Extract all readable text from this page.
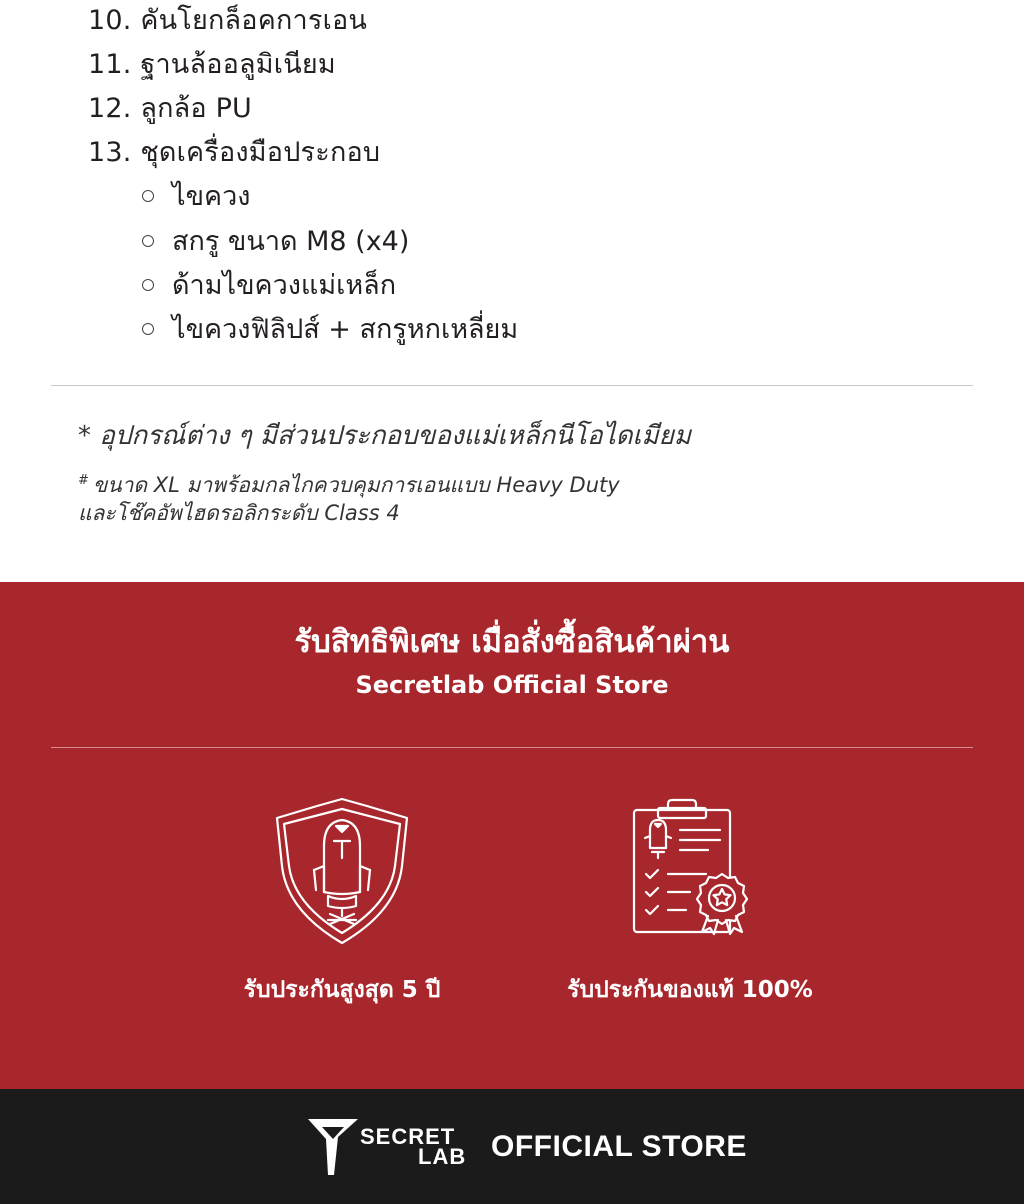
10. คันโยกล็อคการเอน
11. ฐานล้ออลูมิเนียม
12. ลูกล้อ PU
13. ชุดเครื่องมือประกอบ
ไขควง
สกรู ขนาด M8 (x4)
ด้ามไขควงแม่เหล็ก
ไขควงฟิลิปส์ + สกรูหกเหลี่ยม
* อุปกรณ์ต่าง ๆ มีส่วนประกอบของแม่เหล็กนีโอไดเมียม
# ขนาด XL มาพร้อมกลไกควบคุมการเอนแบบ Heavy Duty
และโช๊คอัพไฮดรอลิกระดับ Class 4
รับสิทธิพิเศษ เมื่อสั่งซื้อสินค้าผ่าน
Secretlab Official Store
รับประกันสูงสุด 5 ปี	รับประกันของแท้ 100%
SECRET
LAB OFFICIAL STORE
